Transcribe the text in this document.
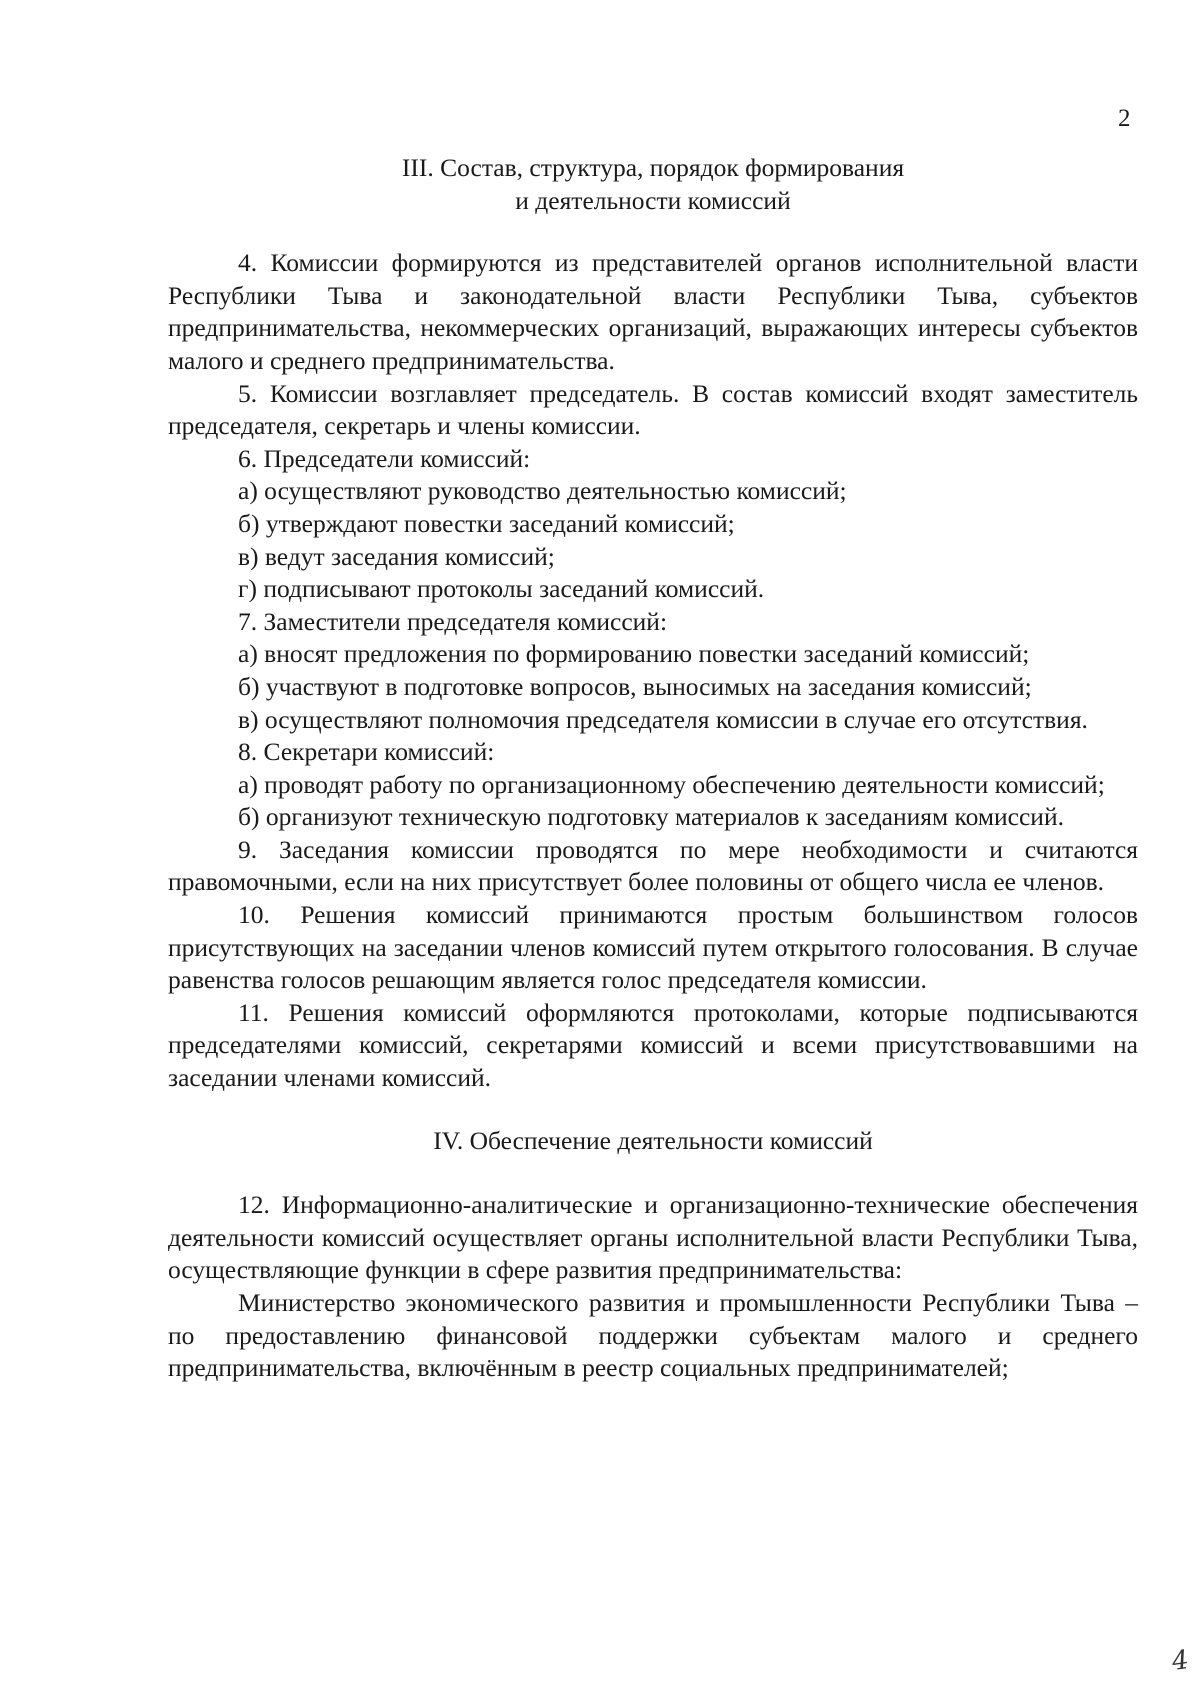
2
III. Состав, структура, порядок формирования
и деятельности комиссий

4. Комиссии формируются из представителей органов исполнительной власти Республики Тыва и законодательной власти Республики Тыва, субъектов предпринимательства, некоммерческих организаций, выражающих интересы субъектов малого и среднего предпринимательства.

5. Комиссии возглавляет председатель. В состав комиссий входят заместитель председателя, секретарь и члены комиссии.

6. Председатели комиссий:

а) осуществляют руководство деятельностью комиссий;

б) утверждают повестки заседаний комиссий;

в) ведут заседания комиссий;

г) подписывают протоколы заседаний комиссий.

7. Заместители председателя комиссий:

а) вносят предложения по формированию повестки заседаний комиссий;

б) участвуют в подготовке вопросов, выносимых на заседания комиссий;

в) осуществляют полномочия председателя комиссии в случае его отсутствия.

8. Секретари комиссий:

а) проводят работу по организационному обеспечению деятельности комиссий;

б) организуют техническую подготовку материалов к заседаниям комиссий.

9. Заседания комиссии проводятся по мере необходимости и считаются правомочными, если на них присутствует более половины от общего числа ее членов.

10. Решения комиссий принимаются простым большинством голосов присутствующих на заседании членов комиссий путем открытого голосования. В случае равенства голосов решающим является голос председателя комиссии.

11. Решения комиссий оформляются протоколами, которые подписываются председателями комиссий, секретарями комиссий и всеми присутствовавшими на заседании членами комиссий.

IV. Обеспечение деятельности комиссий

12. Информационно-аналитические и организационно-технические обеспечения деятельности комиссий осуществляет органы исполнительной власти Республики Тыва, осуществляющие функции в сфере развития предпринимательства:

Министерство экономического развития и промышленности Республики Тыва – по предоставлению финансовой поддержки субъектам малого и среднего предпринимательства, включённым в реестр социальных предпринимателей;

4
